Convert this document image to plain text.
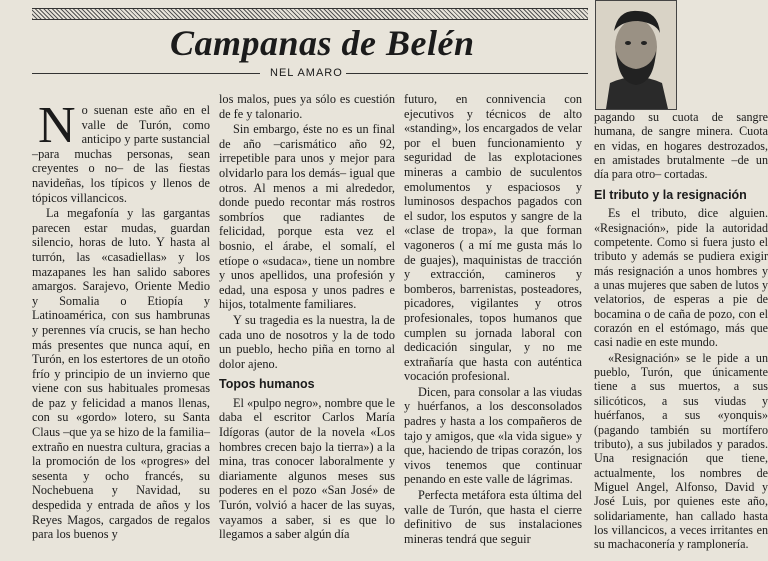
Campanas de Belén
NEL AMARO
N o suenan este año en el valle de Turón, como anticipo y parte sustancial –para muchas personas, sean creyentes o no– de las fiestas navideñas, los típicos y llenos de tópicos villancicos.

La megafonía y las gargantas parecen estar mudas, guardan silencio, horas de luto. Y hasta al turrón, las «casadiellas» y los mazapanes les han salido sabores amargos. Sarajevo, Oriente Medio y Somalia o Etiopía y Latinoamérica, con sus hambrunas y perennes vía crucis, se han hecho más presentes que nunca aquí, en Turón, en los estertores de un otoño frío y principio de un invierno que viene con sus habituales promesas de paz y felicidad a manos llenas, con su «gordo» lotero, su Santa Claus –que ya se hizo de la familia– extraño en nuestra cultura, gracias a la promoción de los «progres» del sesenta y ocho francés, su Nochebuena y Navidad, su despedida y entrada de años y los Reyes Magos, cargados de regalos para los buenos y

los malos, pues ya sólo es cuestión de fe y talonario.

Sin embargo, éste no es un final de año –carismático año 92, irrepetible para unos y mejor para olvidarlo para los demás– igual que otros. Al menos a mi alrededor, donde puedo recontar más rostros sombríos que radiantes de felicidad, porque esta vez el bosnio, el árabe, el somalí, el etíope o «sudaca», tiene un nombre y unos apellidos, una profesión y edad, una esposa y unos padres e hijos, totalmente familiares.

Y su tragedia es la nuestra, la de cada uno de nosotros y la de todo un pueblo, hecho piña en torno al dolor ajeno.

Topos humanos

El «pulpo negro», nombre que le daba el escritor Carlos María Idígoras (autor de la novela «Los hombres crecen bajo la tierra») a la mina, tras conocer laboralmente y diariamente algunos meses sus poderes en el pozo «San José» de Turón, volvió a hacer de las suyas, vayamos a saber, si es que lo llegamos a saber algún día

futuro, en connivencia con ejecutivos y técnicos de alto «standing», los encargados de velar por el buen funcionamiento y seguridad de las explotaciones mineras a cambio de suculentos emolumentos y espaciosos y luminosos despachos pagados con el sudor, los esputos y sangre de la «clase de tropa», la que forman vagoneros ( a mí me gusta más lo de guajes), maquinistas de tracción y extracción, camineros y bomberos, barrenistas, posteadores, picadores, vigilantes y otros profesionales, topos humanos que cumplen su jornada laboral con dedicación singular, y no me extrañaría que hasta con auténtica vocación profesional.

Dicen, para consolar a las viudas y huérfanos, a los desconsolados padres y hasta a los compañeros de tajo y amigos, que «la vida sigue» y que, haciendo de tripas corazón, los vivos tenemos que continuar penando en este valle de lágrimas.

Perfecta metáfora esta última del valle de Turón, que hasta el cierre definitivo de sus instalaciones mineras tendrá que seguir

pagando su cuota de sangre humana, de sangre minera. Cuota en vidas, en hogares destrozados, en amistades brutalmente –de un día para otro– cortadas.

El tributo y la resignación

Es el tributo, dice alguien. «Resignación», pide la autoridad competente. Como si fuera justo el tributo y además se pudiera exigir más resignación a unos hombres y a unas mujeres que saben de lutos y velatorios, de esperas a pie de bocamina o de caña de pozo, con el corazón en el estómago, más que casi nadie en este mundo.

«Resignación» se le pide a un pueblo, Turón, que únicamente tiene a sus muertos, a sus silicóticos, a sus viudas y huérfanos, a sus «yonquis» (pagando también su mortífero tributo), a sus jubilados y parados. Una resignación que tiene, actualmente, los nombres de Miguel Angel, Alfonso, David y José Luis, por quienes este año, solidariamente, han callado hasta los villancicos, a veces irritantes en su machaconería y ramplonería.
